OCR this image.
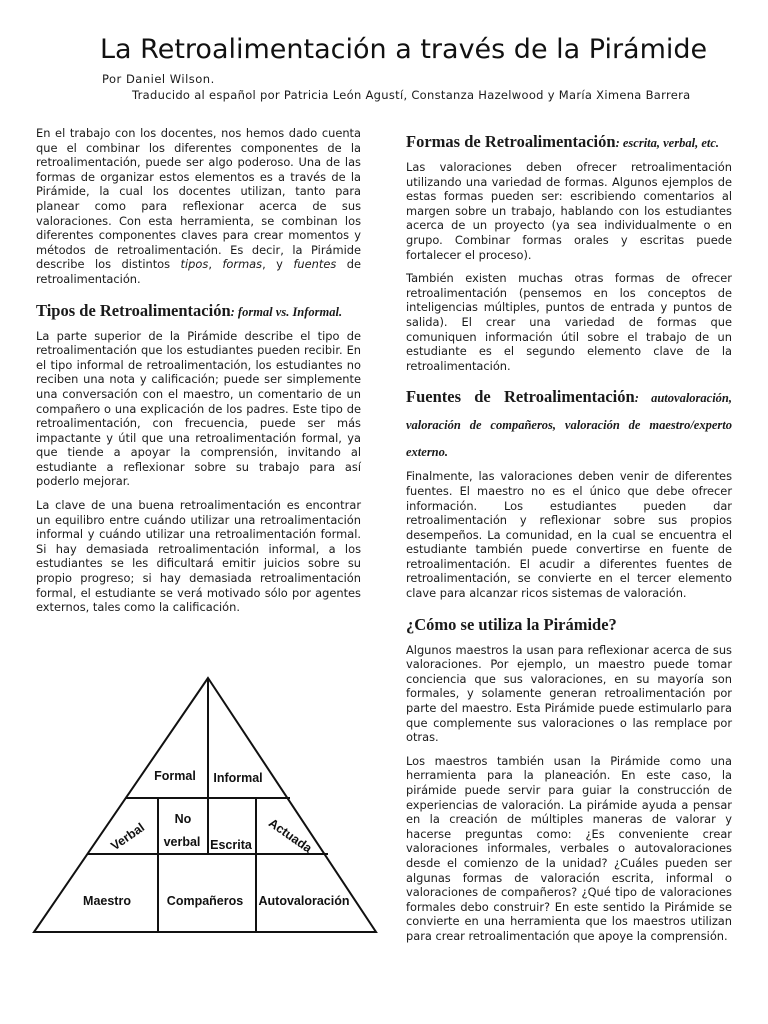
La Retroalimentación a través de la Pirámide

Por Daniel Wilson.

Traducido al español por Patricia León Agustí, Constanza Hazelwood y María Ximena Barrera

En el trabajo con los docentes, nos hemos dado cuenta que el combinar los diferentes componentes de la retroalimentación, puede ser algo poderoso. Una de las formas de organizar estos elementos es a través de la Pirámide, la cual los docentes utilizan, tanto para planear como para reflexionar acerca de sus valoraciones. Con esta herramienta, se combinan los diferentes componentes claves para crear momentos y métodos de retroalimentación. Es decir, la Pirámide describe los distintos tipos, formas, y fuentes de retroalimentación.

Tipos de Retroalimentación: formal vs. Informal.

La parte superior de la Pirámide describe el tipo de retroalimentación que los estudiantes pueden recibir. En el tipo informal de retroalimentación, los estudiantes no reciben una nota y calificación; puede ser simplemente una conversación con el maestro, un comentario de un compañero o una explicación de los padres. Este tipo de retroalimentación, con frecuencia, puede ser más impactante y útil que una retroalimentación formal, ya que tiende a apoyar la comprensión, invitando al estudiante a reflexionar sobre su trabajo para así poderlo mejorar.

La clave de una buena retroalimentación es encontrar un equilibro entre cuándo utilizar una retroalimentación informal y cuándo utilizar una retroalimentación formal. Si hay demasiada retroalimentación informal, a los estudiantes se les dificultará emitir juicios sobre su propio progreso; si hay demasiada retroalimentación formal, el estudiante se verá motivado sólo por agentes externos, tales como la calificación.

Formal Informal
Verbal
No
verbal Escrita Actuada
Maestro	Compañeros Autovaloración
Formas de Retroalimentación: escrita, verbal, etc.

Las valoraciones deben ofrecer retroalimentación utilizando una variedad de formas. Algunos ejemplos de estas formas pueden ser: escribiendo comentarios al margen sobre un trabajo, hablando con los estudiantes acerca de un proyecto (ya sea individualmente o en grupo. Combinar formas orales y escritas puede fortalecer el proceso).

También existen muchas otras formas de ofrecer retroalimentación (pensemos en los conceptos de inteligencias múltiples, puntos de entrada y puntos de salida). El crear una variedad de formas que comuniquen información útil sobre el trabajo de un estudiante es el segundo elemento clave de la retroalimentación.

Fuentes de Retroalimentación: autovaloración, valoración de compañeros, valoración de maestro/experto externo.

Finalmente, las valoraciones deben venir de diferentes fuentes. El maestro no es el único que debe ofrecer información. Los estudiantes pueden dar retroalimentación y reflexionar sobre sus propios desempeños. La comunidad, en la cual se encuentra el estudiante también puede convertirse en fuente de retroalimentación. El acudir a diferentes fuentes de retroalimentación, se convierte en el tercer elemento clave para alcanzar ricos sistemas de valoración.

¿Cómo se utiliza la Pirámide?

Algunos maestros la usan para reflexionar acerca de sus valoraciones. Por ejemplo, un maestro puede tomar conciencia que sus valoraciones, en su mayoría son formales, y solamente generan retroalimentación por parte del maestro. Esta Pirámide puede estimularlo para que complemente sus valoraciones o las remplace por otras.

Los maestros también usan la Pirámide como una herramienta para la planeación. En este caso, la pirámide puede servir para guiar la construcción de experiencias de valoración. La pirámide ayuda a pensar en la creación de múltiples maneras de valorar y hacerse preguntas como: ¿Es conveniente crear valoraciones informales, verbales o autovaloraciones desde el comienzo de la unidad? ¿Cuáles pueden ser algunas formas de valoración escrita, informal o valoraciones de compañeros? ¿Qué tipo de valoraciones formales debo construir? En este sentido la Pirámide se convierte en una herramienta que los maestros utilizan para crear retroalimentación que apoye la comprensión.
